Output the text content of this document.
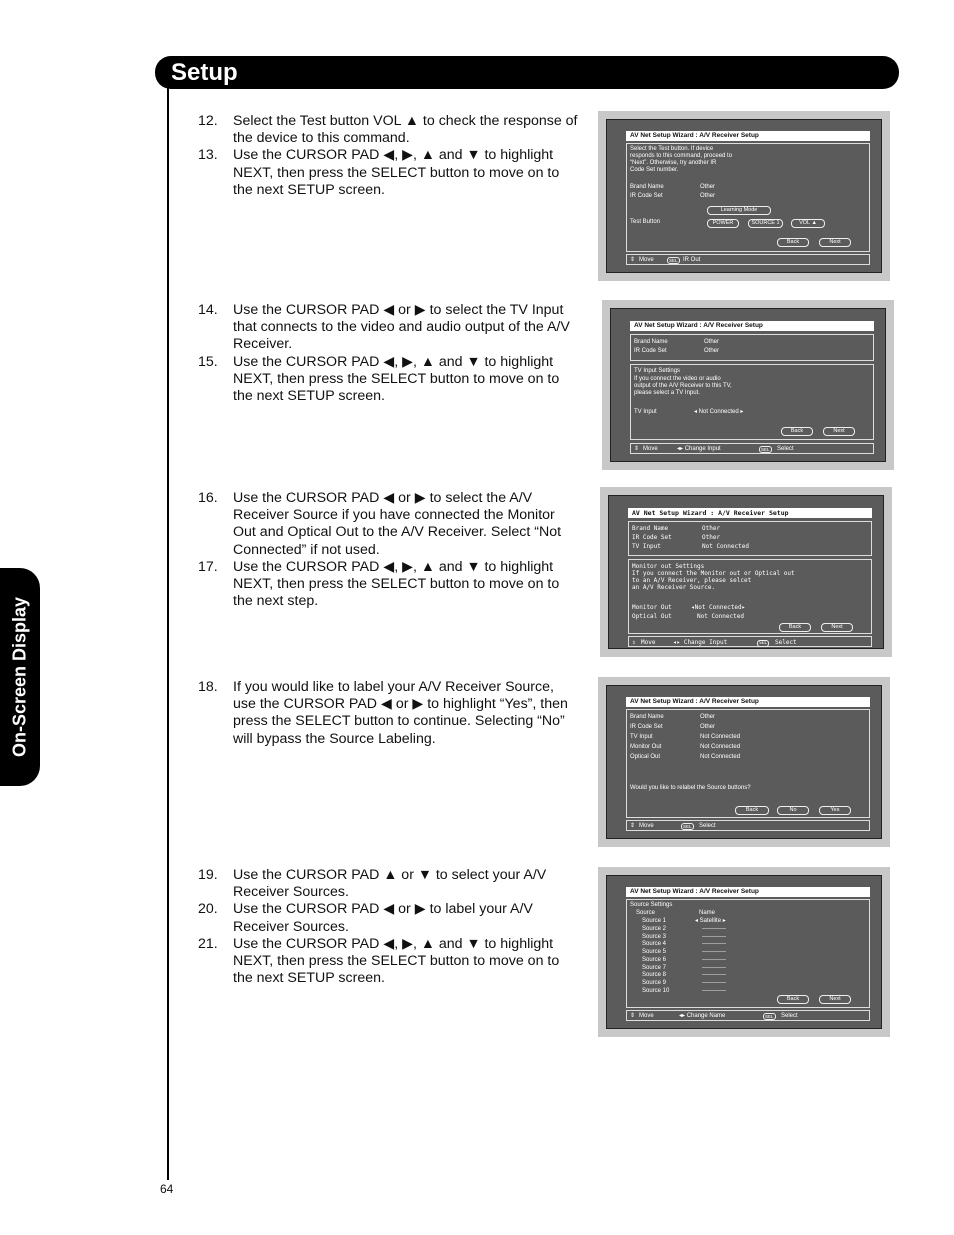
Setup
On-Screen Display
64
12.	Select the Test button VOL ▲ to check the response of the device to this command.
13.	Use the CURSOR PAD ◀, ▶, ▲ and ▼ to highlight NEXT, then press the SELECT button to move on to the next SETUP screen.
14.	Use the CURSOR PAD ◀ or ▶ to select the TV Input that connects to the video and audio output of the A/V Receiver.
15.	Use the CURSOR PAD ◀, ▶, ▲ and ▼ to highlight NEXT, then press the SELECT button to move on to the next SETUP screen.
16.	Use the CURSOR PAD ◀ or ▶ to select the A/V Receiver Source if you have connected the Monitor Out and Optical Out to the A/V Receiver. Select “Not Connected” if not used.
17.	Use the CURSOR PAD ◀, ▶, ▲ and ▼ to highlight NEXT, then press the SELECT button to move on to the next step.
18.	If you would like to label your A/V Receiver Source, use the CURSOR PAD ◀ or ▶ to highlight “Yes”, then press the SELECT button to continue. Selecting “No” will bypass the Source Labeling.
19.	Use the CURSOR PAD ▲ or ▼ to select your A/V Receiver Sources.
20.	Use the CURSOR PAD ◀ or ▶ to label your A/V Receiver Sources.
21.	Use the CURSOR PAD ◀, ▶, ▲ and ▼ to highlight NEXT, then press the SELECT button to move on to the next SETUP screen.
AV Net Setup Wizard : A/V Receiver Setup
Select the Test button. If device
responds to this command, proceed to
“Next”. Otherwise, try another IR
Code Set number.
Brand Name	Other
IR Code Set	Other
Learning Mode
Test Button	POWER	SOURCE 1	VOL ▲
Back	Next
⇕ Move	SEL IR Out
AV Net Setup Wizard : A/V Receiver Setup
Brand Name	Other
IR Code Set	Other
TV Input Settings
If you connect the video or audio
output of the A/V Receiver to this TV,
please select a TV Input.
TV Input	◂ Not Connected ▸
Back	Next
⇕ Move	◂▸ Change Input	SEL	Select
AV Net Setup Wizard : A/V Receiver Setup
Brand Name	Other
IR Code Set	Other
TV Input	Not Connected
Monitor out Settings
If you connect the Monitor out or Optical out
to an A/V Receiver, please selcet
an A/V Receiver Source.
Monitor Out	◂Not Connected▸
Optical Out	Not Connected
Back	Next
⇕ Move	◂▸ Change Input	SEL	Select
AV Net Setup Wizard : A/V Receiver Setup
Brand Name	Other
IR Code Set	Other
TV Input	Not Connected
Monitor Out	Not Connected
Optical Out	Not Connected
Would you like to relabel the Source buttons?
Back	No	Yes
⇕ Move	SEL	Select
AV Net Setup Wizard : A/V Receiver Setup
Source Settings
Source	Name
Source 1	◂ Satellite ▸
Source 2	------------
Source 3	------------
Source 4	------------
Source 5	------------
Source 6	------------
Source 7	------------
Source 8	------------
Source 9	------------
Source 10	------------
Back	Next
⇕ Move	◂▸ Change Name	SEL	Select
